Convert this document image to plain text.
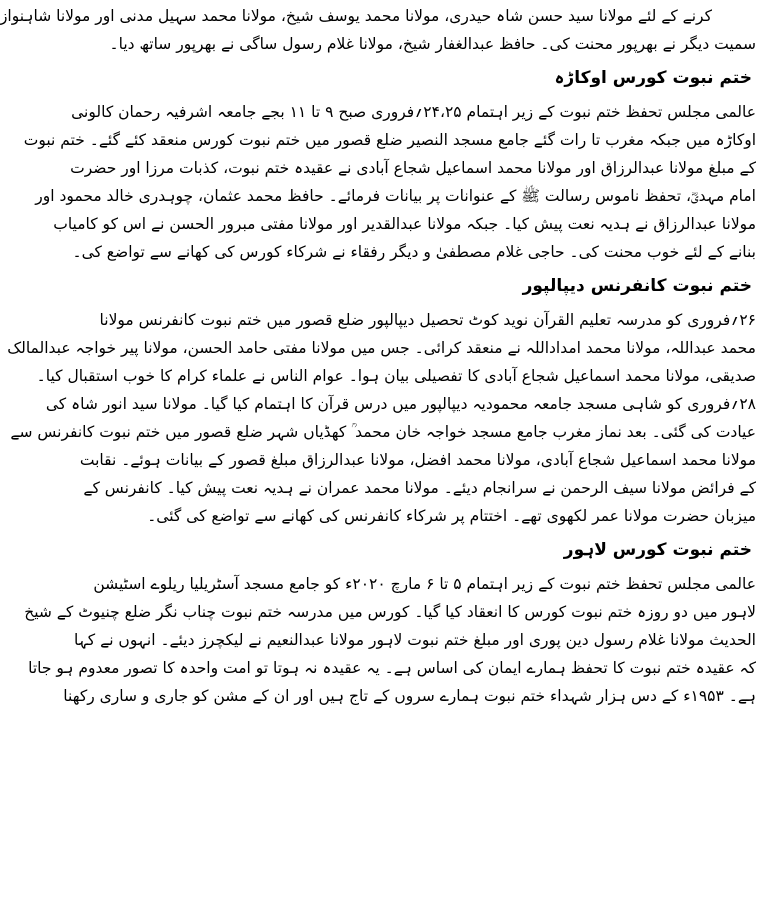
کرنے کے لئے مولانا سید حسن شاہ حیدری، مولانا محمد یوسف شیخ، مولانا محمد سہیل مدنی اور مولانا شاہنواز
سمیت دیگر نے بھرپور محنت کی۔ حافظ عبدالغفار شیخ، مولانا غلام رسول ساگی نے بھرپور ساتھ دیا۔
ختم نبوت کورس اوکاڑہ
عالمی مجلس تحفظ ختم نبوت کے زیر اہتمام ۲۴،۲۵؍فروری صبح ۹ تا ۱۱ بجے جامعہ اشرفیہ رحمان کالونی
اوکاڑہ میں جبکہ مغرب تا رات گئے جامع مسجد النصیر ضلع قصور میں ختم نبوت کورس منعقد کئے گئے۔ ختم نبوت
کے مبلغ مولانا عبدالرزاق اور مولانا محمد اسماعیل شجاع آبادی نے عقیدہ ختم نبوت، کذبات مرزا اور حضرت
امام مہدیؓ، تحفظ ناموس رسالت ﷺ کے عنوانات پر بیانات فرمائے۔ حافظ محمد عثمان، چوہدری خالد محمود اور
مولانا عبدالرزاق نے ہدیہ نعت پیش کیا۔ جبکہ مولانا عبدالقدیر اور مولانا مفتی مبرور الحسن نے اس کو کامیاب
بنانے کے لئے خوب محنت کی۔ حاجی غلام مصطفیٰ و دیگر رفقاء نے شرکاء کورس کی کھانے سے تواضع کی۔
ختم نبوت کانفرنس دیپالپور
۲۶؍فروری کو مدرسہ تعلیم القرآن نوید کوٹ تحصیل دیپالپور ضلع قصور میں ختم نبوت کانفرنس مولانا
محمد عبداللہ، مولانا محمد امداداللہ نے منعقد کرائی۔ جس میں مولانا مفتی حامد الحسن، مولانا پیر خواجہ عبدالمالک
صدیقی، مولانا محمد اسماعیل شجاع آبادی کا تفصیلی بیان ہوا۔ عوام الناس نے علماء کرام کا خوب استقبال کیا۔
۲۸؍فروری کو شاہی مسجد جامعہ محمودیہ دیپالپور میں درس قرآن کا اہتمام کیا گیا۔ مولانا سید انور شاہ کی
عیادت کی گئی۔ بعد نماز مغرب جامع مسجد خواجہ خان محمد ؒ کھڈیاں شہر ضلع قصور میں ختم نبوت کانفرنس سے
مولانا محمد اسماعیل شجاع آبادی، مولانا محمد افضل، مولانا عبدالرزاق مبلغ قصور کے بیانات ہوئے۔ نقابت
کے فرائض مولانا سیف الرحمن نے سرانجام دیئے۔ مولانا محمد عمران نے ہدیہ نعت پیش کیا۔ کانفرنس کے
میزبان حضرت مولانا عمر لکھوی تھے۔ اختتام پر شرکاء کانفرنس کی کھانے سے تواضع کی گئی۔
ختم نبوت کورس لاہور
عالمی مجلس تحفظ ختم نبوت کے زیر اہتمام ۵ تا ۶ مارچ ۲۰۲۰ء کو جامع مسجد آسٹریلیا ریلوے اسٹیشن
لاہور میں دو روزہ ختم نبوت کورس کا انعقاد کیا گیا۔ کورس میں مدرسہ ختم نبوت چناب نگر ضلع چنیوٹ کے شیخ
الحدیث مولانا غلام رسول دین پوری اور مبلغ ختم نبوت لاہور مولانا عبدالنعیم نے لیکچرز دیئے۔ انہوں نے کہا
کہ عقیدہ ختم نبوت کا تحفظ ہمارے ایمان کی اساس ہے۔ یہ عقیدہ نہ ہوتا تو امت واحدہ کا تصور معدوم ہو جاتا
ہے۔ ۱۹۵۳ء کے دس ہزار شہداء ختم نبوت ہمارے سروں کے تاج ہیں اور ان کے مشن کو جاری و ساری رکھنا
